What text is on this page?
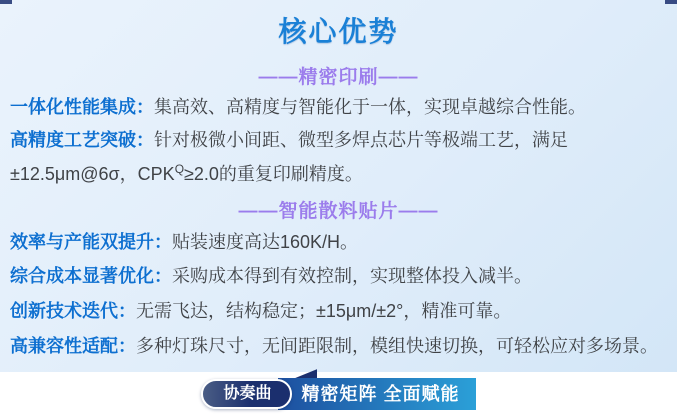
核心优势
——精密印刷——

一体化性能集成：集高效、高精度与智能化于一体，实现卓越综合性能。

高精度工艺突破：针对极微小间距、微型多焊点芯片等极端工艺，满足

±12.5μm@6σ，$CPK^Q\ge 2.0$的重复印刷精度。

——智能散料贴片——

效率与产能双提升：贴装速度高达160K/H。

综合成本显著优化：采购成本得到有效控制，实现整体投入减半。

创新技术迭代：无需飞达，结构稳定；±15μm/±2°，精准可靠。

高兼容性适配：多种灯珠尺寸，无间距限制，模组快速切换，可轻松应对多场景。

协奏曲	精密矩阵 全面赋能
